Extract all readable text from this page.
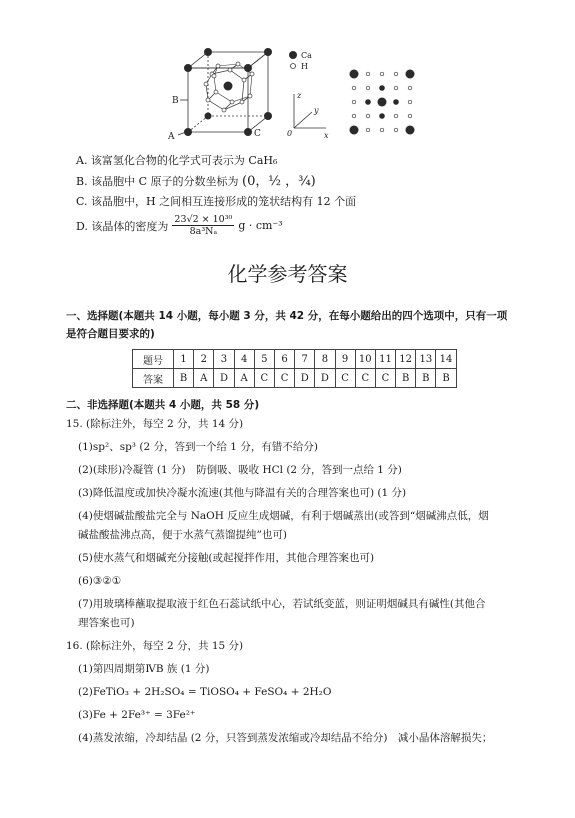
B
A	C
Ca
H
z
y
x
0
A. 该富氢化合物的化学式可表示为 CaH₆
B. 该晶胞中 C 原子的分数坐标为 (0，½ ，¾)
C. 该晶胞中，H 之间相互连接形成的笼状结构有 12 个面
D. 该晶体的密度为 $\frac{\text{23√2 × 10³⁰}}{\text{8a³Nₐ}}$ g · cm⁻³
化学参考答案
一、选择题(本题共 14 小题，每小题 3 分，共 42 分，在每小题给出的四个选项中，只有一项
是符合题目要求的)
题号	1	2	3	4	5	6	7	8	9	10	11	12	13	14
答案	B	A	D	A	C	C	D	D	C	C	C	B	B	B
二、非选择题(本题共 4 小题，共 58 分)
15. (除标注外，每空 2 分，共 14 分)
(1)sp²、sp³ (2 分，答到一个给 1 分，有错不给分)
(2)(球形)冷凝管 (1 分)　防倒吸、吸收 HCl (2 分，答到一点给 1 分)
(3)降低温度或加快冷凝水流速(其他与降温有关的合理答案也可) (1 分)
(4)使烟碱盐酸盐完全与 NaOH 反应生成烟碱，有利于烟碱蒸出(或答到“烟碱沸点低，烟
碱盐酸盐沸点高，便于水蒸气蒸馏提纯”也可)
(5)使水蒸气和烟碱充分接触(或起搅拌作用，其他合理答案也可)
(6)③②①
(7)用玻璃棒蘸取提取液于红色石蕊试纸中心，若试纸变蓝，则证明烟碱具有碱性(其他合
理答案也可)
16. (除标注外，每空 2 分，共 15 分)
(1)第四周期第ⅣB 族 (1 分)
(2)FeTiO₃ + 2H₂SO₄ = TiOSO₄ + FeSO₄ + 2H₂O
(3)Fe + 2Fe³⁺ = 3Fe²⁺
(4)蒸发浓缩，冷却结晶 (2 分，只答到蒸发浓缩或冷却结晶不给分)　减小晶体溶解损失；
